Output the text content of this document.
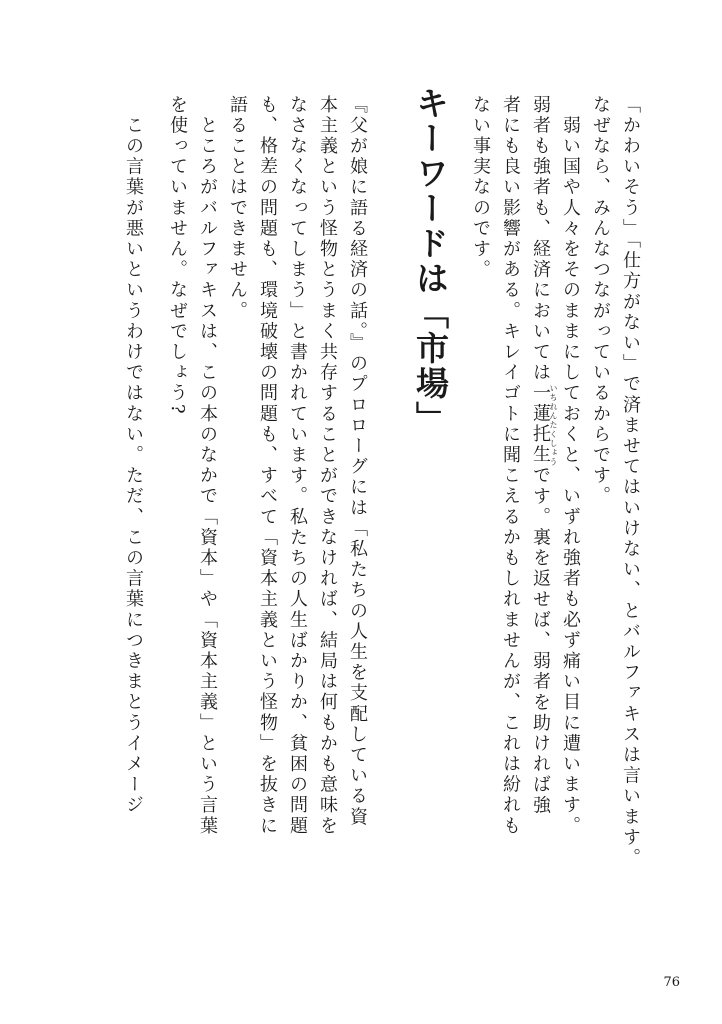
「かわいそう」「仕方がない」で済ませてはいけない、とバルファキスは言います。

なぜなら、みんなつながっているからです。

　弱い国や人々をそのままにしておくと、いずれ強者も必ず痛い目に遭います。

弱者も強者も、経済においては一蓮托生いちれんたくしょうです。裏を返せば、弱者を助ければ強

者にも良い影響がある。キレイゴトに聞こえるかもしれませんが、これは紛れも

ない事実なのです。

キーワードは「市場」

『父が娘に語る経済の話。』のプロローグには「私たちの人生を支配している資

本主義という怪物とうまく共存することができなければ、結局は何もかも意味を

なさなくなってしまう」と書かれています。私たちの人生ばかりか、貧困の問題

も、格差の問題も、環境破壊の問題も、すべて「資本主義という怪物」を抜きに

語ることはできません。

　ところがバルファキスは、この本のなかで「資本」や「資本主義」という言葉

を使っていません。なぜでしょう?

　この言葉が悪いというわけではない。ただ、この言葉につきまとうイメージ

76
